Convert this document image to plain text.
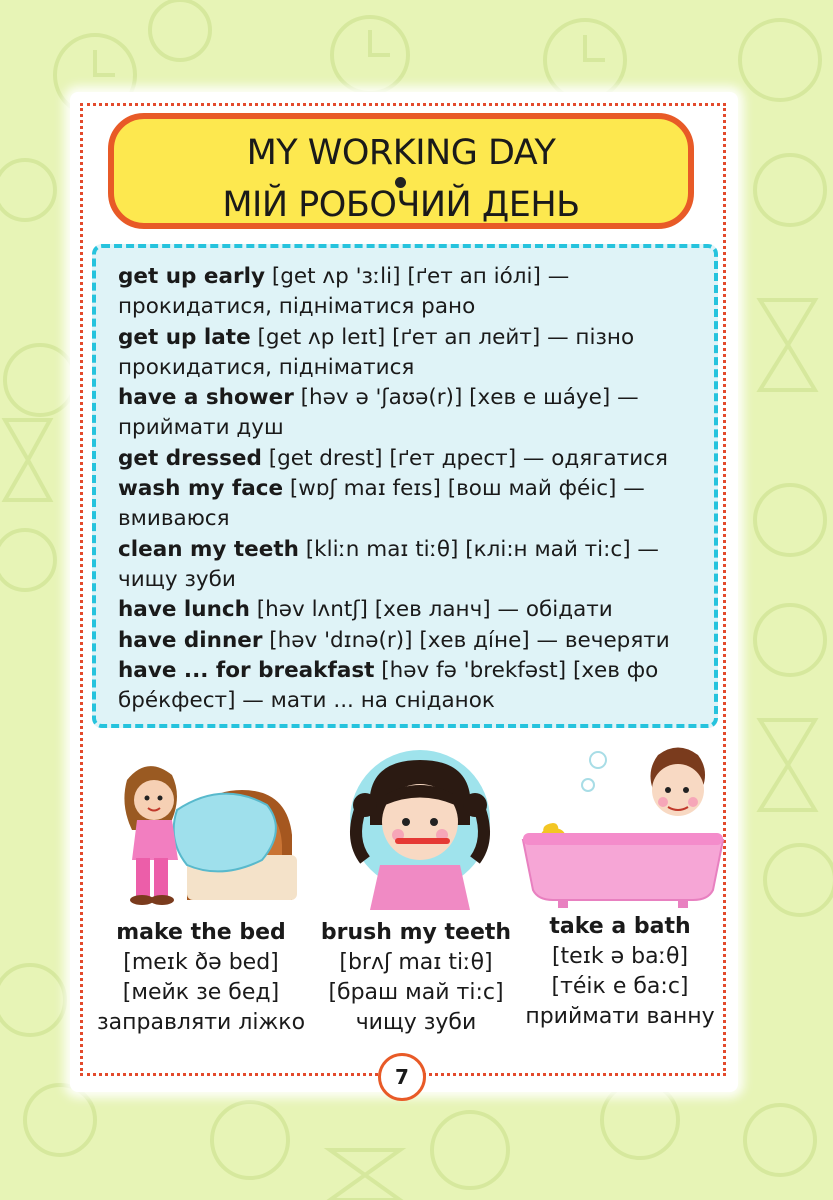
MY WORKING DAY
МІЙ РОБОЧИЙ ДЕНЬ
get up early [get ʌp 'ɜːli] [ґет ап іо́лі] — прокидатися, підніматися рано
get up late [get ʌp leɪt] [ґет ап лейт] — пізно прокидатися, підніматися
have a shower [həv ə 'ʃaʊə(r)] [хев е ша́уе] — приймати душ
get dressed [get drest] [ґет дрест] — одягатися
wash my face [wɒʃ maɪ feɪs] [вош май фе́іс] — вмиваюся
clean my teeth [kliːn maɪ tiːθ] [клі:н май ті:с] — чищу зуби
have lunch [həv lʌntʃ] [хев ланч] — обідати
have dinner [həv 'dɪnə(r)] [хев ді́не] — вечеряти
have ... for breakfast [həv fə 'brekfəst] [хев фо бре́кфест] — мати ... на сніданок
make the bed
[meɪk ðə bed]
[мейк зе бед]
заправляти ліжко
brush my teeth
[brʌʃ maɪ tiːθ]
[браш май ті:с]
чищу зуби
take a bath
[teɪk ə baːθ]
[те́ік е ба:с]
приймати ванну
7
